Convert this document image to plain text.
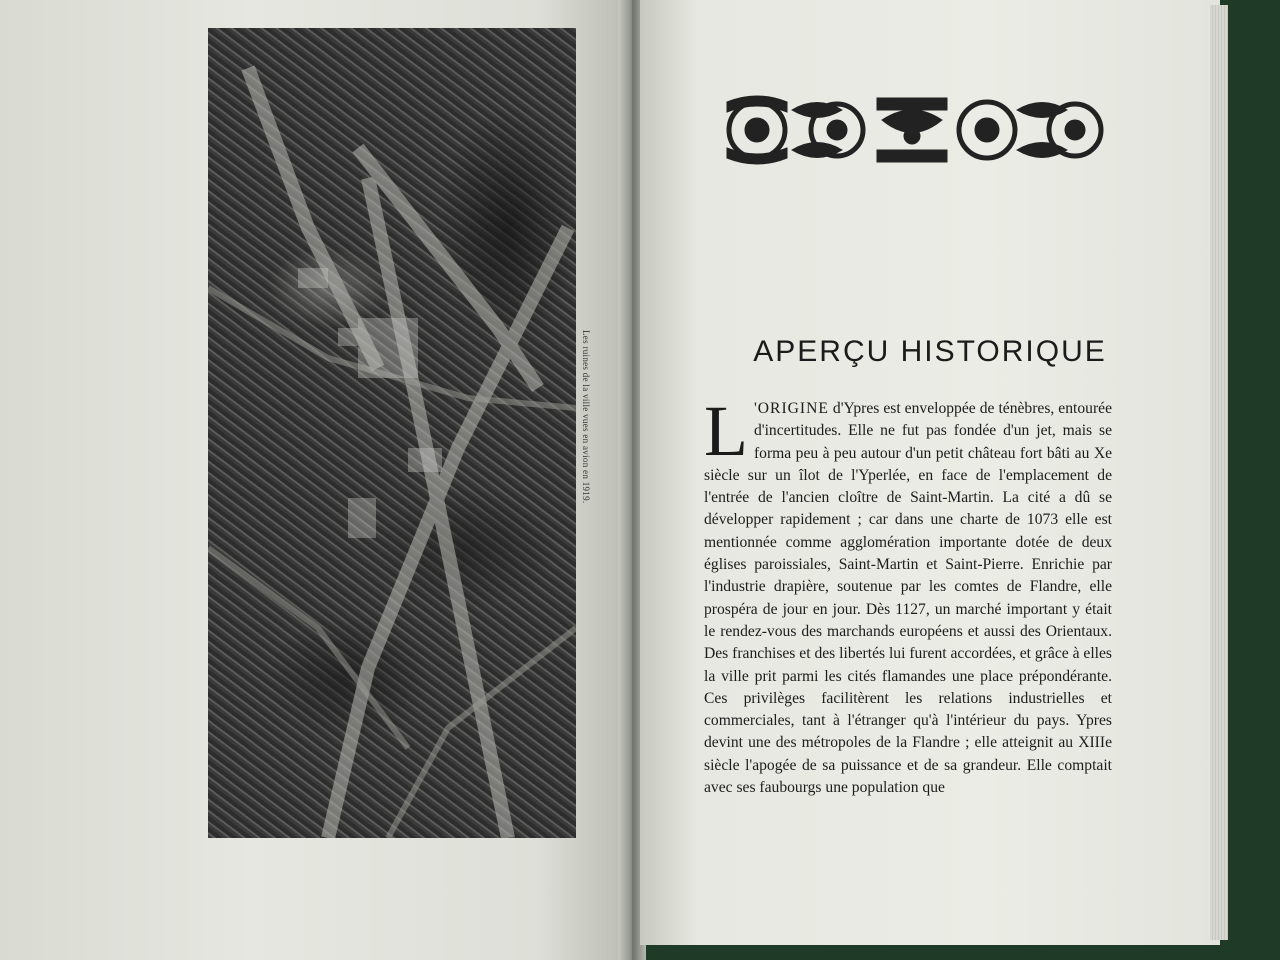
Les ruines de la ville vues en avion en 1919.	APERÇU HISTORIQUE

L 'ORIGINE d'Ypres est enveloppée de ténèbres, entourée d'incertitudes. Elle ne fut pas fondée d'un jet, mais se forma peu à peu autour d'un petit château fort bâti au Xe siècle sur un îlot de l'Yperlée, en face de l'emplacement de l'entrée de l'ancien cloître de Saint-Martin. La cité a dû se développer rapidement ; car dans une charte de 1073 elle est mentionnée comme agglomération importante dotée de deux églises paroissiales, Saint-Martin et Saint-Pierre. Enrichie par l'industrie drapière, soutenue par les comtes de Flandre, elle prospéra de jour en jour. Dès 1127, un marché important y était le rendez-vous des marchands européens et aussi des Orientaux. Des franchises et des libertés lui furent accordées, et grâce à elles la ville prit parmi les cités flamandes une place prépondérante. Ces privilèges facilitèrent les relations industrielles et commerciales, tant à l'étranger qu'à l'intérieur du pays. Ypres devint une des métropoles de la Flandre ; elle atteignit au XIIIe siècle l'apogée de sa puissance et de sa grandeur. Elle comptait avec ses faubourgs une population que
